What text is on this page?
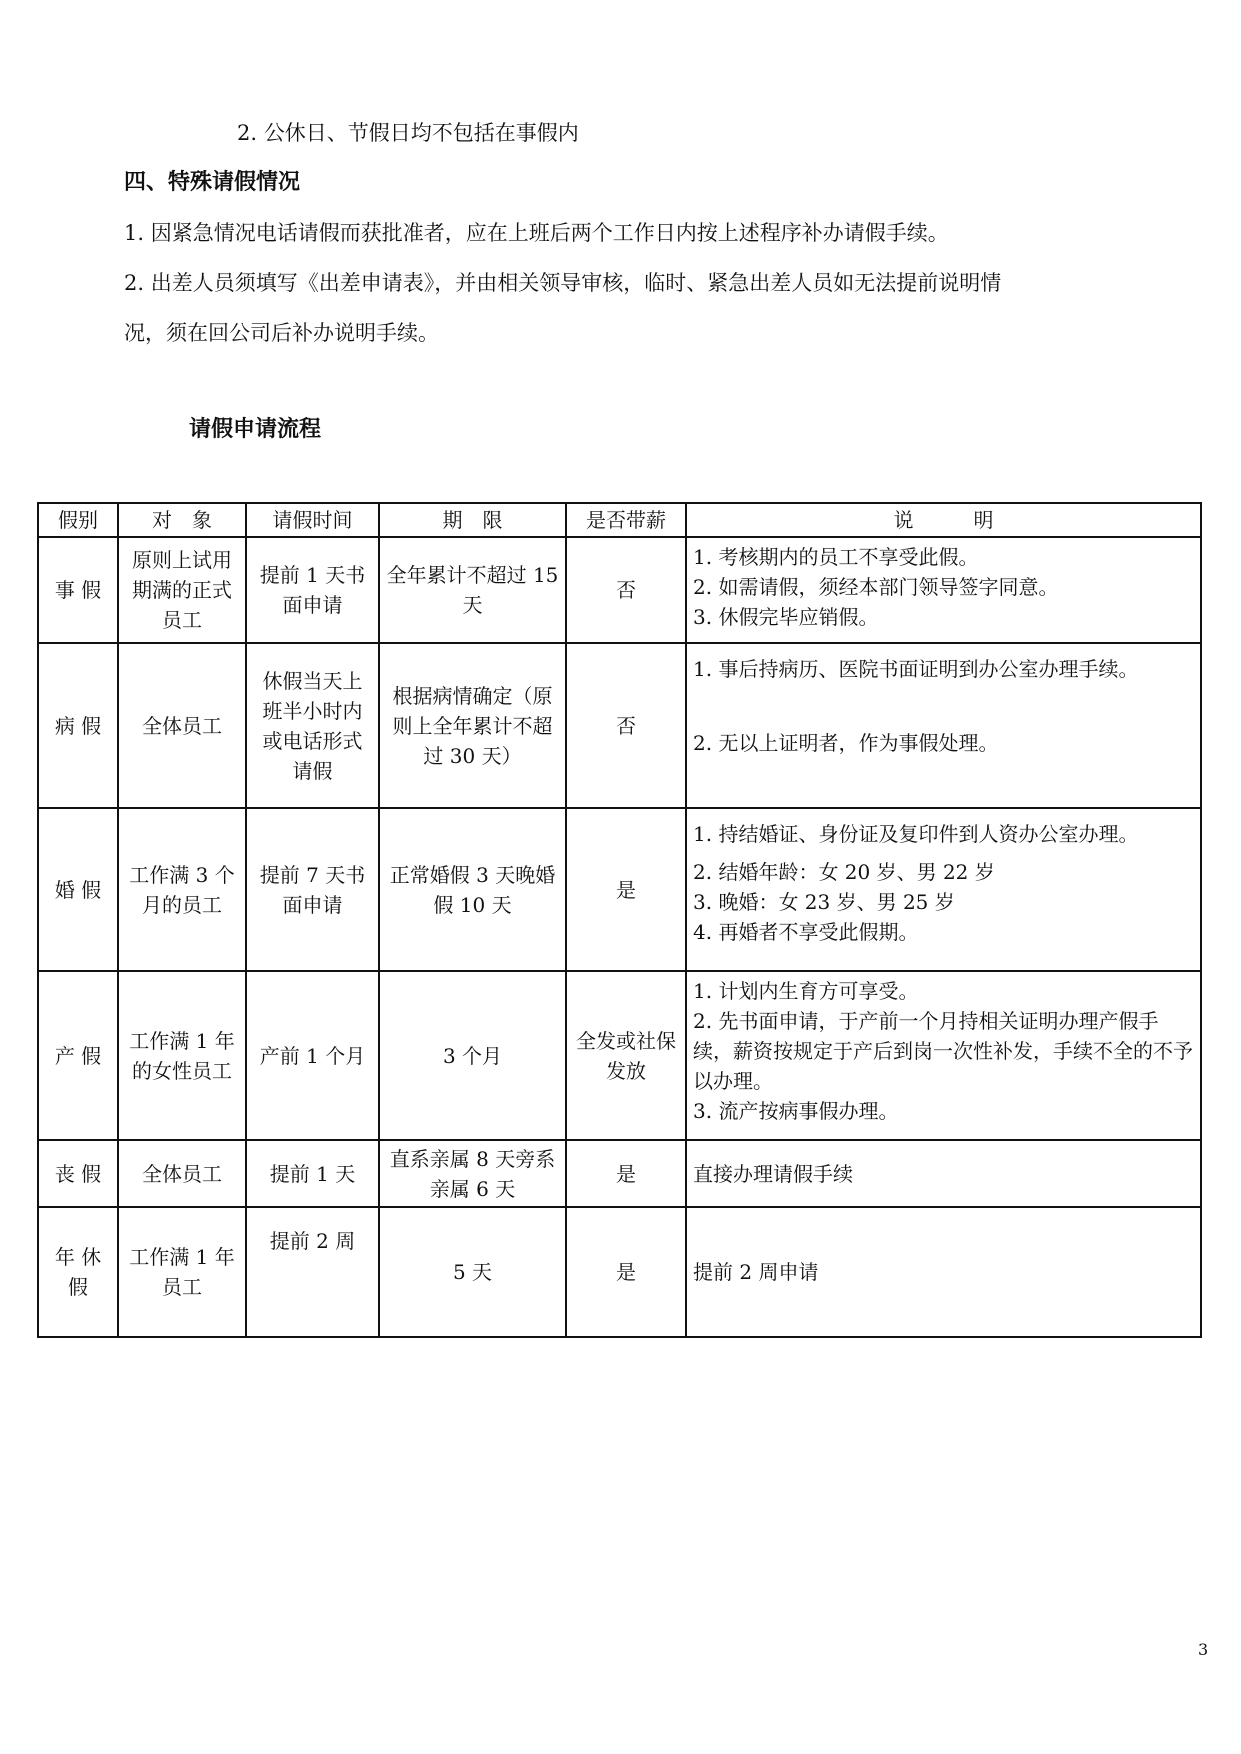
2. 公休日、节假日均不包括在事假内
四、特殊请假情况
1. 因紧急情况电话请假而获批准者，应在上班后两个工作日内按上述程序补办请假手续。
2. 出差人员须填写《出差申请表》，并由相关领导审核，临时、紧急出差人员如无法提前说明情
况，须在回公司后补办说明手续。
请假申请流程
假别	对　象	请假时间	期　限	是否带薪	说　　　明
事 假	原则上试用期满的正式员工	提前 1 天书面申请	全年累计不超过 15 天	否	1. 考核期内的员工不享受此假。
2. 如需请假，须经本部门领导签字同意。
3. 休假完毕应销假。

病 假	全体员工	休假当天上班半小时内或电话形式请假	根据病情确定（原则上全年累计不超过 30 天）	否	1. 事后持病历、医院书面证明到办公室办理手续。
2. 无以上证明者，作为事假处理。

婚 假	工作满 3 个月的员工	提前 7 天书面申请	正常婚假 3 天晚婚假 10 天	是	1. 持结婚证、身份证及复印件到人资办公室办理。
2. 结婚年龄：女 20 岁、男 22 岁
3. 晚婚：女 23 岁、男 25 岁
4. 再婚者不享受此假期。

产 假	工作满 1 年的女性员工	产前 1 个月	3 个月	全发或社保发放	1. 计划内生育方可享受。
2. 先书面申请，于产前一个月持相关证明办理产假手续，薪资按规定于产后到岗一次性补发，手续不全的不予以办理。
3. 流产按病事假办理。

丧 假	全体员工	提前 1 天	直系亲属 8 天旁系亲属 6 天	是	直接办理请假手续

年 休 假	工作满 1 年员工	提前 2 周	5 天	是	提前 2 周申请
3
